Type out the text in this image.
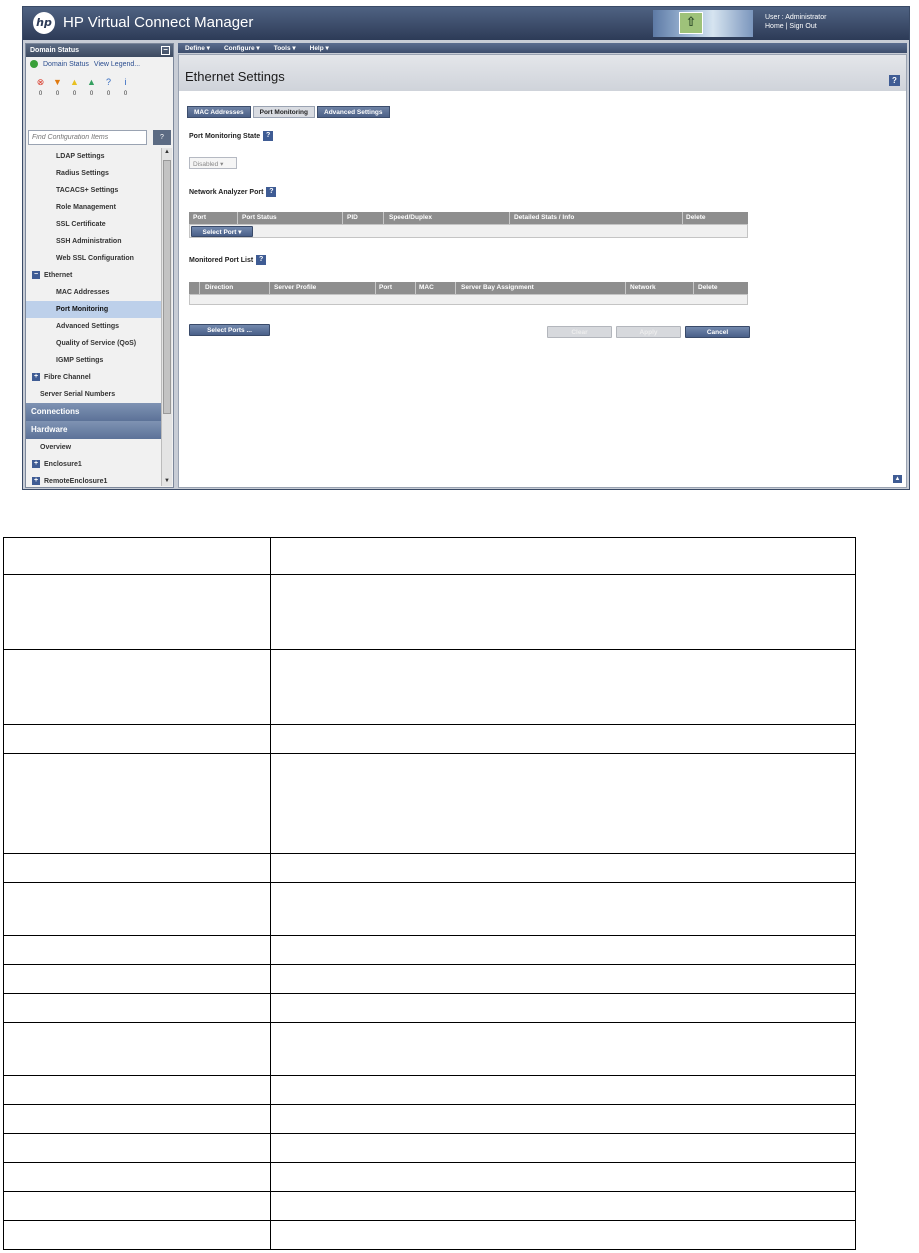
hp HP Virtual Connect Manager	⇧	User : Administrator
Home | Sign Out
Domain Status	−
Domain Status View Legend...
⊗
0
▼
0
▲
0
▲
0
?
0
i
0
Find Configuration Items
?
LDAP Settings
Radius Settings
TACACS+ Settings
Role Management
SSL Certificate
SSH Administration
Web SSL Configuration
− Ethernet
MAC Addresses
Port Monitoring
Advanced Settings
Quality of Service (QoS)
IGMP Settings
+ Fibre Channel
Server Serial Numbers
Connections
Hardware
Overview
+ Enclosure1
+ RemoteEnclosure1
▲
▼
Define ▾ Configure ▾ Tools ▾ Help ▾
Ethernet Settings	?
MAC Addresses	Port Monitoring	Advanced Settings
Port Monitoring State ?
Disabled ▾
Network Analyzer Port ?
Port	Port Status	PID	Speed/Duplex	Detailed Stats / Info	Delete
Select Port ▾
Monitored Port List ?
Direction	Server Profile	Port	MAC	Server Bay Assignment	Network	Delete
Select Ports ...	Clear	Apply	Cancel
▲
